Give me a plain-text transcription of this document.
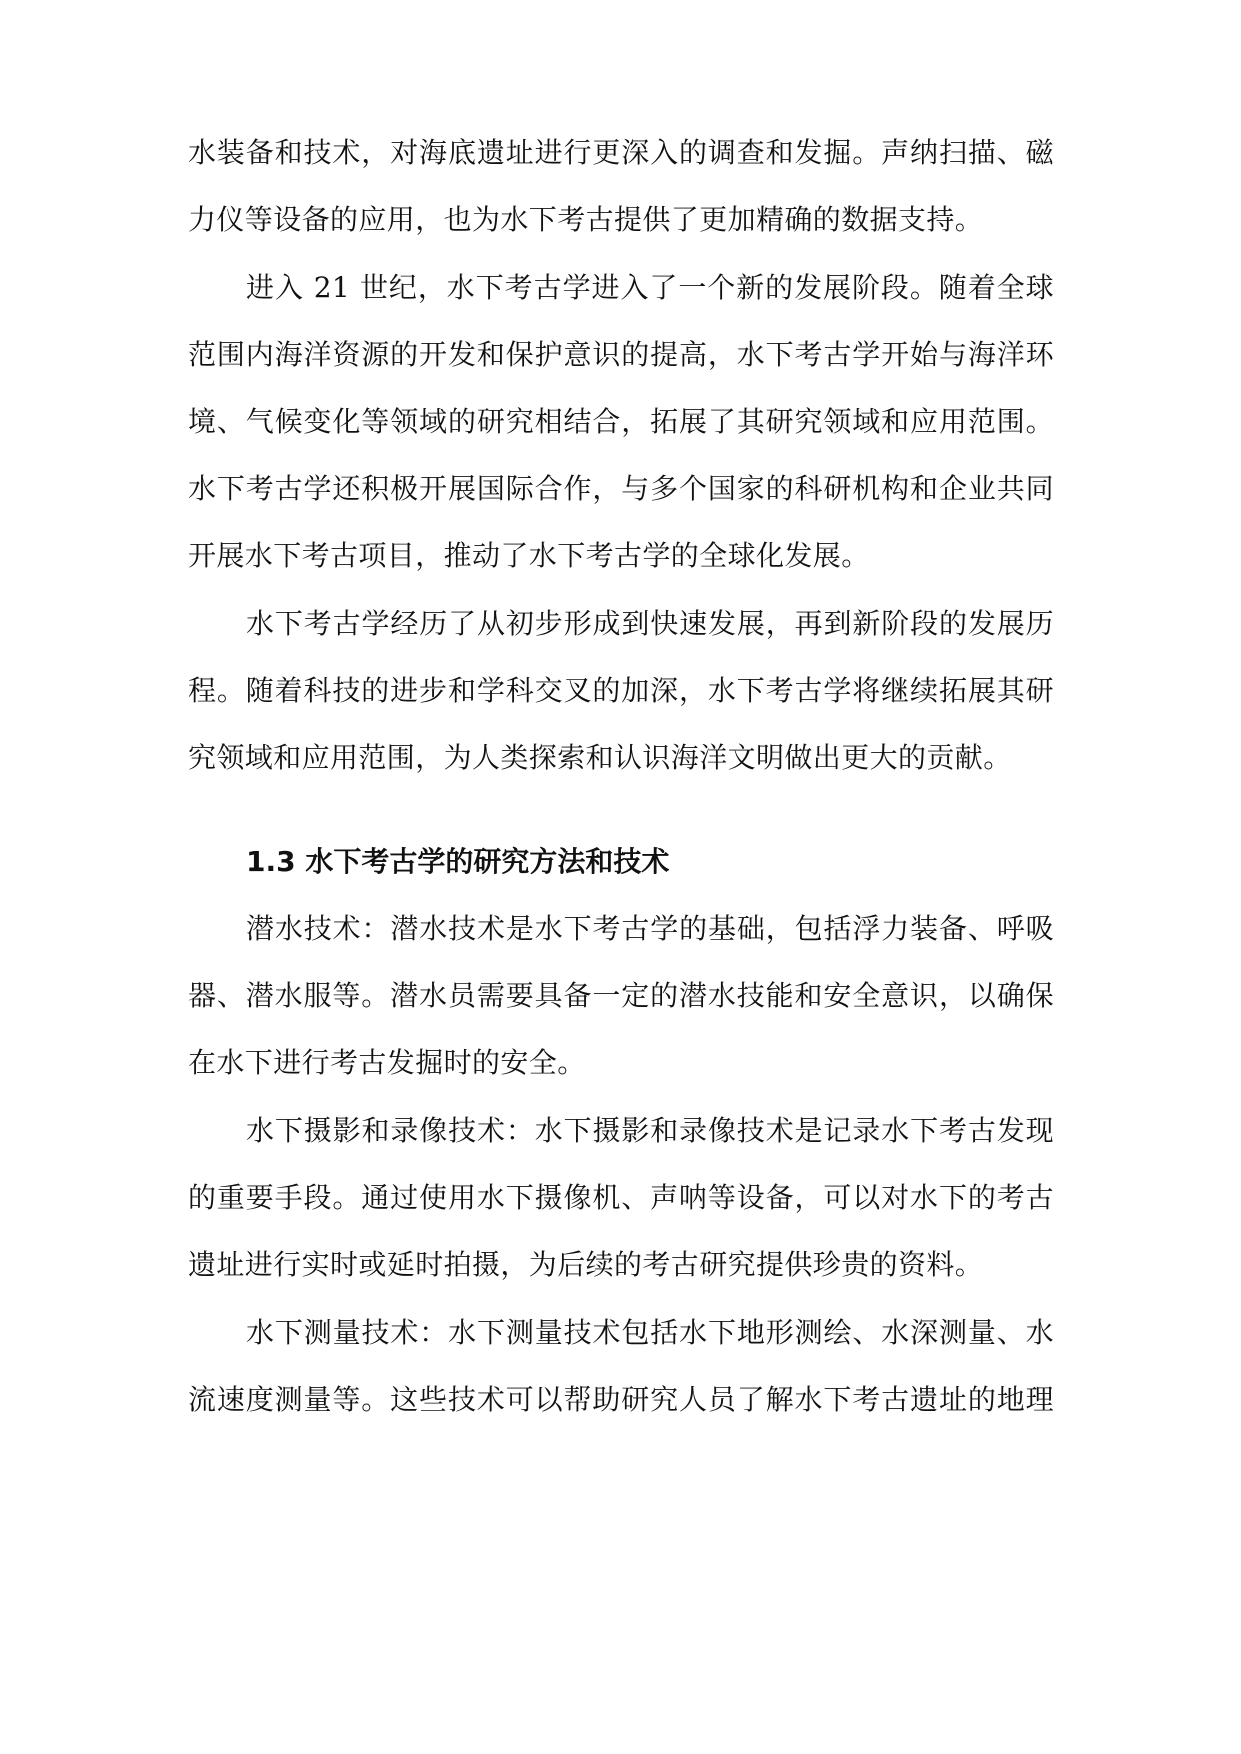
水装备和技术，对海底遗址进行更深入的调查和发掘。声纳扫描、磁
力仪等设备的应用，也为水下考古提供了更加精确的数据支持。
进入 21 世纪，水下考古学进入了一个新的发展阶段。随着全球
范围内海洋资源的开发和保护意识的提高，水下考古学开始与海洋环
境、气候变化等领域的研究相结合，拓展了其研究领域和应用范围。
水下考古学还积极开展国际合作，与多个国家的科研机构和企业共同
开展水下考古项目，推动了水下考古学的全球化发展。
水下考古学经历了从初步形成到快速发展，再到新阶段的发展历
程。随着科技的进步和学科交叉的加深，水下考古学将继续拓展其研
究领域和应用范围，为人类探索和认识海洋文明做出更大的贡献。
1.3 水下考古学的研究方法和技术
潜水技术：潜水技术是水下考古学的基础，包括浮力装备、呼吸
器、潜水服等。潜水员需要具备一定的潜水技能和安全意识，以确保
在水下进行考古发掘时的安全。
水下摄影和录像技术：水下摄影和录像技术是记录水下考古发现
的重要手段。通过使用水下摄像机、声呐等设备，可以对水下的考古
遗址进行实时或延时拍摄，为后续的考古研究提供珍贵的资料。
水下测量技术：水下测量技术包括水下地形测绘、水深测量、水
流速度测量等。这些技术可以帮助研究人员了解水下考古遗址的地理
